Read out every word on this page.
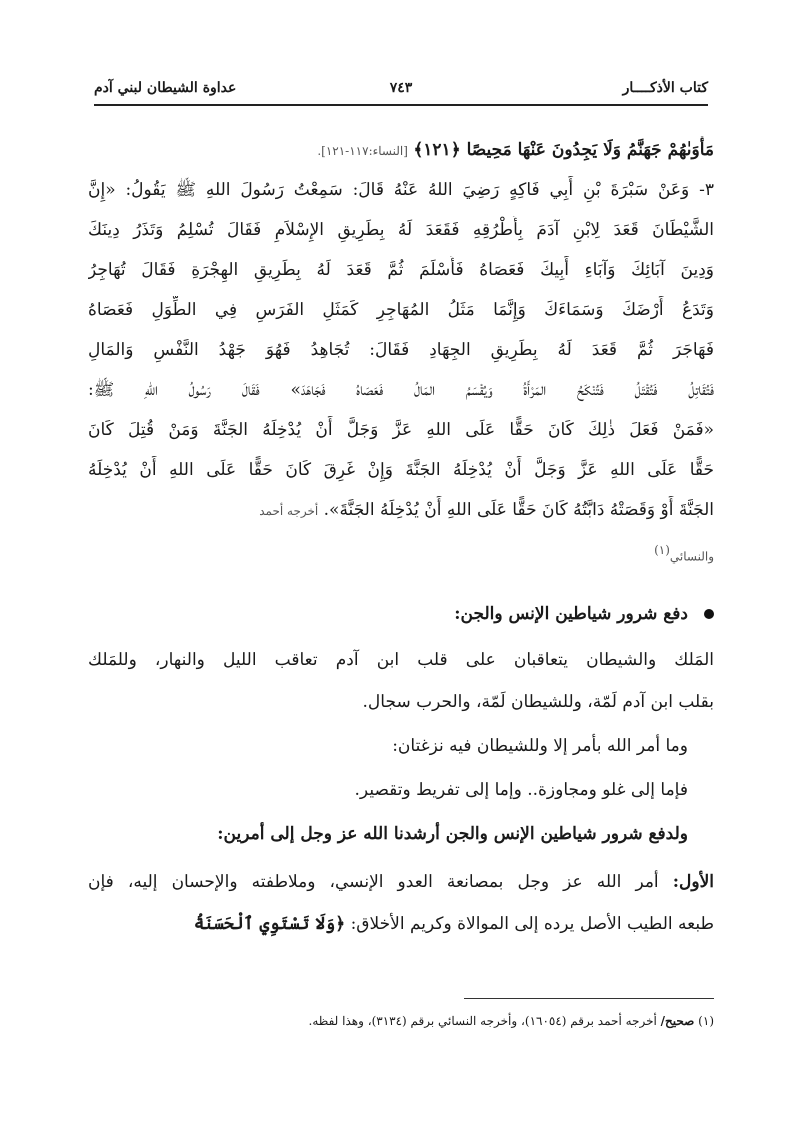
كتاب الأذكــــار
٧٤٣
عداوة الشيطان لبني آدم
مَأْوَىٰهُمْ جَهَنَّمُ وَلَا يَجِدُونَ عَنْهَا مَحِيصًا ﴿١٢١﴾ [النساء:١١٧-١٢١].
٣- وَعَنْ سَبْرَةَ بْنِ أَبِي فَاكِهٍ رَضِيَ اللهُ عَنْهُ قَالَ: سَمِعْتُ رَسُولَ اللهِ ﷺ يَقُولُ: «إِنَّ
الشَّيْطَانَ قَعَدَ لِابْنِ آدَمَ بِأَطْرُقِهِ فَقَعَدَ لَهُ بِطَرِيقِ الإِسْلاَمِ فَقَالَ تُسْلِمُ وَتَذَرُ دِينَكَ
وَدِينَ آبَائِكَ وَآبَاءِ أَبِيكَ فَعَصَاهُ فَأَسْلَمَ ثُمَّ قَعَدَ لَهُ بِطَرِيقِ الهِجْرَةِ فَقَالَ تُهَاجِرُ
وَتَدَعُ أَرْضَكَ وَسَمَاءَكَ وَإِنَّمَا مَثَلُ المُهَاجِرِ كَمَثَلِ الفَرَسِ فِي الطِّوَلِ فَعَصَاهُ
فَهَاجَرَ ثُمَّ قَعَدَ لَهُ بِطَرِيقِ الجِهَادِ فَقَالَ: تُجَاهِدُ فَهُوَ جَهْدُ النَّفْسِ وَالمَالِ
فَتُقَاتِلُ فَتُقْتَلُ فَتُنْكَحُ المَرْأَةُ وَيُقْسَمُ المَالُ فَعَصَاهُ فَجَاهَدَ» فَقَالَ رَسُولُ اللهِ ﷺ:
«فَمَنْ فَعَلَ ذٰلِكَ كَانَ حَقًّا عَلَى اللهِ عَزَّ وَجَلَّ أَنْ يُدْخِلَهُ الجَنَّةَ وَمَنْ قُتِلَ كَانَ
حَقًّا عَلَى اللهِ عَزَّ وَجَلَّ أَنْ يُدْخِلَهُ الجَنَّةَ وَإِنْ غَرِقَ كَانَ حَقًّا عَلَى اللهِ أَنْ يُدْخِلَهُ
الجَنَّةَ أَوْ وَقَصَتْهُ دَابَّتُهُ كَانَ حَقًّا عَلَى اللهِ أَنْ يُدْخِلَهُ الجَنَّةَ». أخرجه أحمد
والنسائي$^{(١)}$
دفع شرور شياطين الإنس والجن:
المَلك والشيطان يتعاقبان على قلب ابن آدم تعاقب الليل والنهار، وللمَلك
بقلب ابن آدم لَمّة، وللشيطان لَمّة، والحرب سجال.
وما أمر الله بأمر إلا وللشيطان فيه نزغتان:
فإما إلى غلو ومجاوزة.. وإما إلى تفريط وتقصير.
ولدفع شرور شياطين الإنس والجن أرشدنا الله عز وجل إلى أمرين:
الأول: أمر الله عز وجل بمصانعة العدو الإنسي، وملاطفته والإحسان إليه، فإن
طبعه الطيب الأصل يرده إلى الموالاة وكريم الأخلاق: ﴿وَلَا تَسْتَوِي ٱلْحَسَنَةُ
(١) صحيح/ أخرجه أحمد برقم (١٦٠٥٤)، وأخرجه النسائي برقم (٣١٣٤)، وهذا لفظه.
